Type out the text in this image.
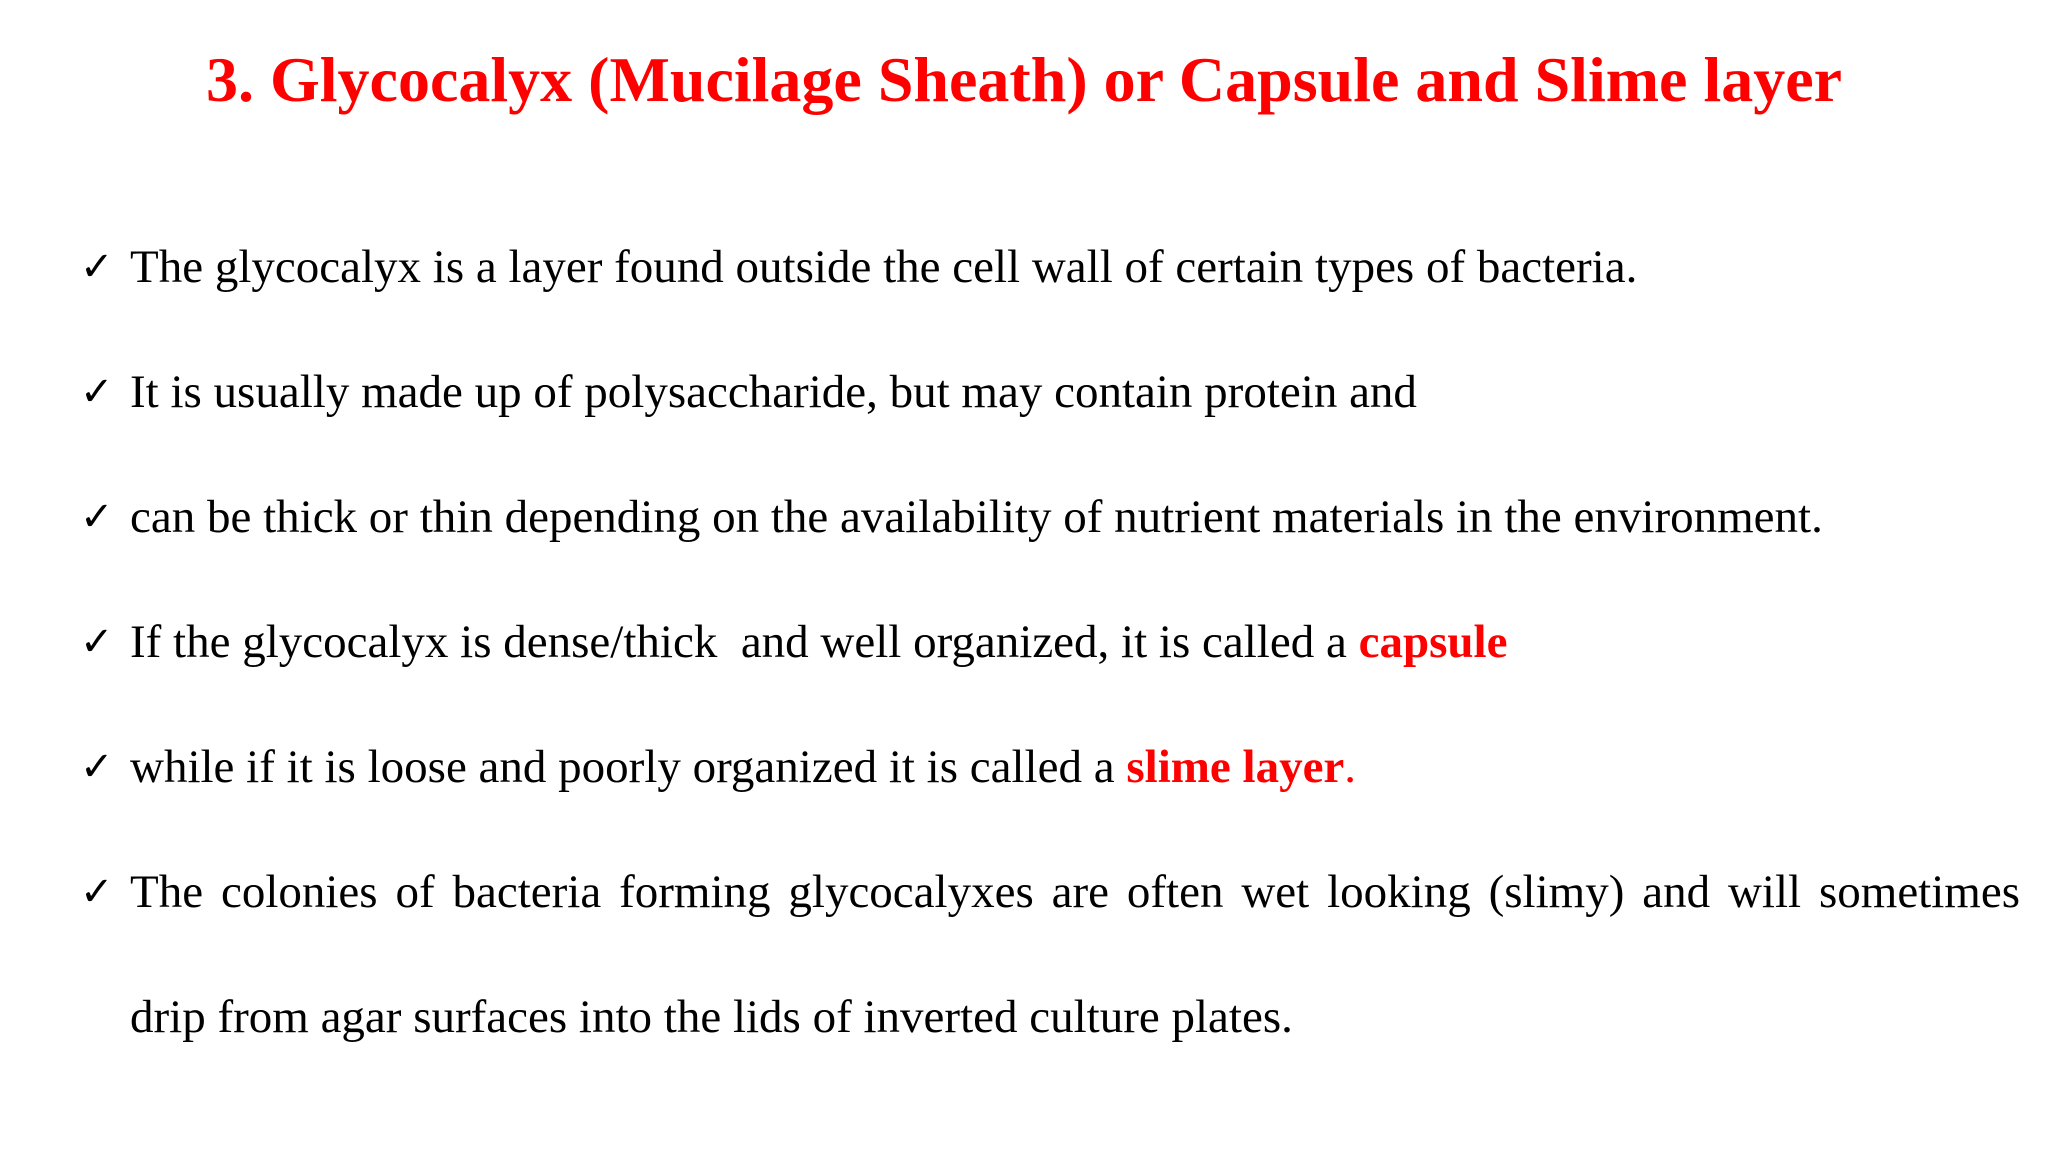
3. Glycocalyx (Mucilage Sheath) or Capsule and Slime layer
✓ The glycocalyx is a layer found outside the cell wall of certain types of bacteria.
✓ It is usually made up of polysaccharide, but may contain protein and
✓ can be thick or thin depending on the availability of nutrient materials in the environment.
✓ If the glycocalyx is dense/thick  and well organized, it is called a capsule
✓ while if it is loose and poorly organized it is called a slime layer.
✓ The colonies of bacteria forming glycocalyxes are often wet looking (slimy) and will sometimes drip from agar surfaces into the lids of inverted culture plates.
